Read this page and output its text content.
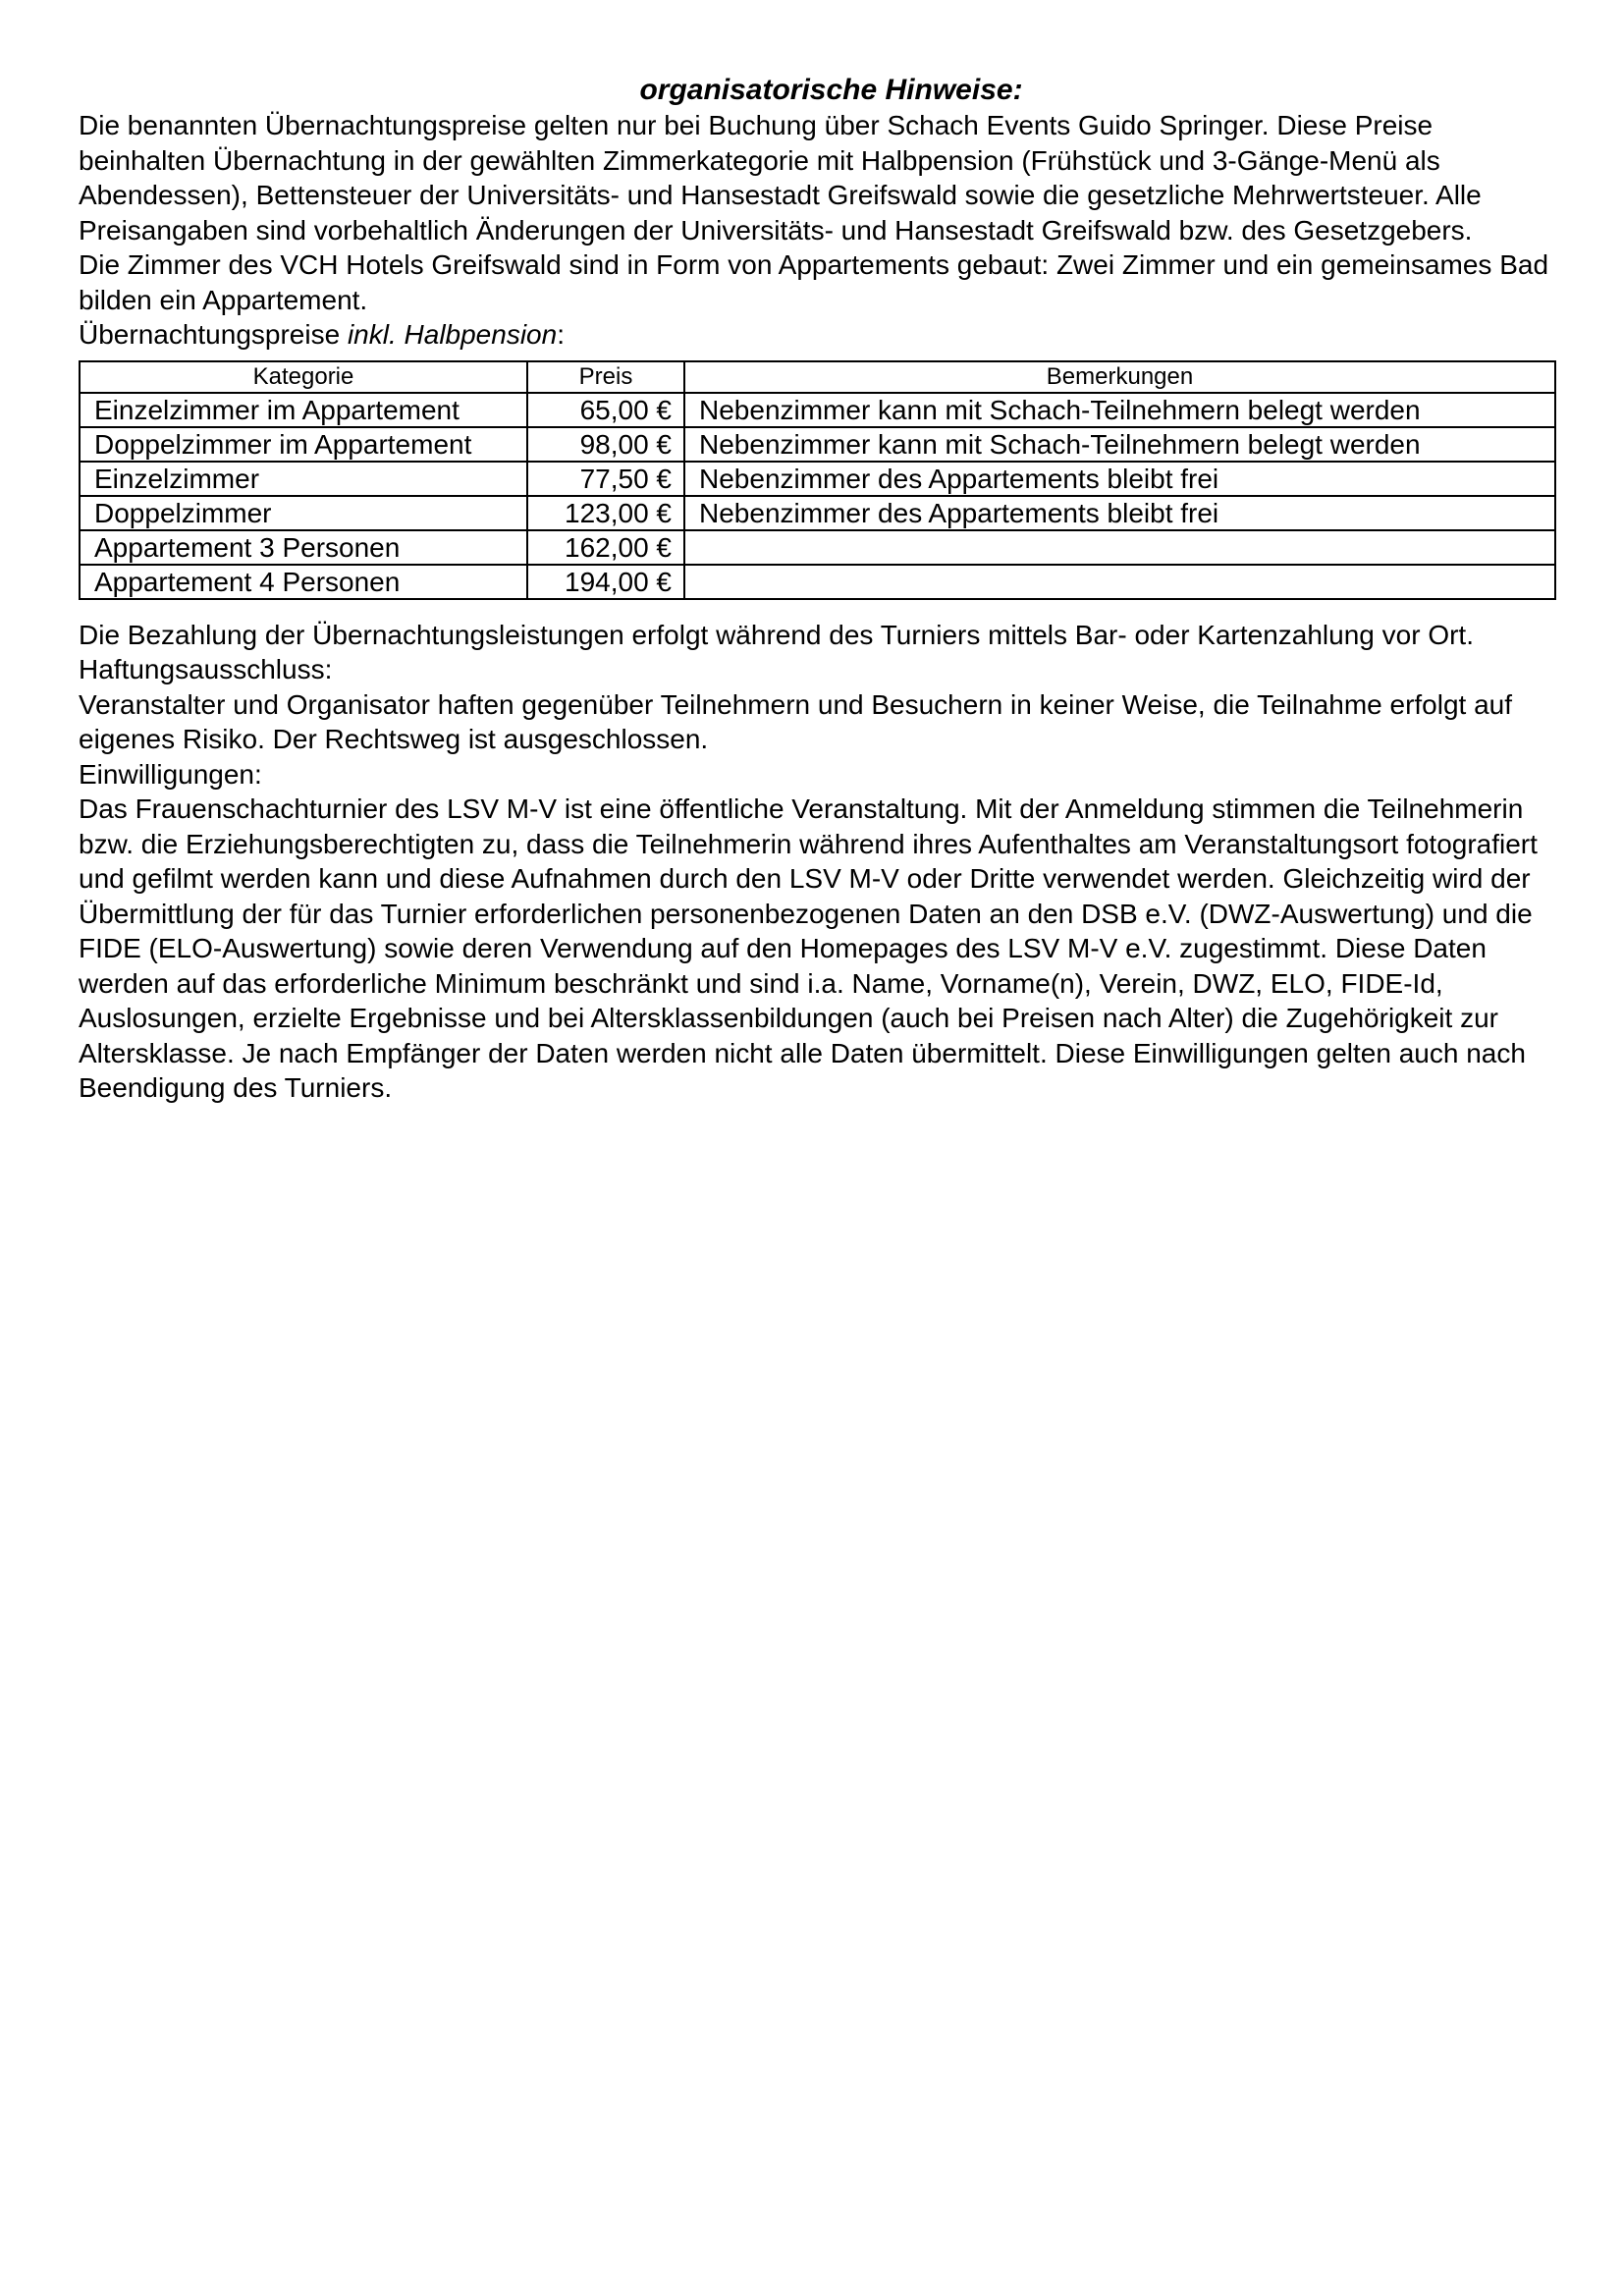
organisatorische Hinweise:

Die benannten Übernachtungspreise gelten nur bei Buchung über Schach Events Guido Springer. Diese Preise beinhalten Übernachtung in der gewählten Zimmerkategorie mit Halbpension (Frühstück und 3-Gänge-Menü als Abendessen), Bettensteuer der Universitäts- und Hansestadt Greifswald sowie die gesetzliche Mehrwertsteuer. Alle Preisangaben sind vorbehaltlich Änderungen der Universitäts- und Hansestadt Greifswald bzw. des Gesetzgebers.

Die Zimmer des VCH Hotels Greifswald sind in Form von Appartements gebaut: Zwei Zimmer und ein gemeinsames Bad bilden ein Appartement.

Übernachtungspreise inkl. Halbpension:

Kategorie	Preis	Bemerkungen
Einzelzimmer im Appartement	65,00 €	Nebenzimmer kann mit Schach-Teilnehmern belegt werden
Doppelzimmer im Appartement	98,00 €	Nebenzimmer kann mit Schach-Teilnehmern belegt werden
Einzelzimmer	77,50 €	Nebenzimmer des Appartements bleibt frei
Doppelzimmer	123,00 €	Nebenzimmer des Appartements bleibt frei
Appartement 3 Personen	162,00 €	
Appartement 4 Personen	194,00 €	

Die Bezahlung der Übernachtungsleistungen erfolgt während des Turniers mittels Bar- oder Kartenzahlung vor Ort.

Haftungsausschluss:

Veranstalter und Organisator haften gegenüber Teilnehmern und Besuchern in keiner Weise, die Teilnahme erfolgt auf eigenes Risiko. Der Rechtsweg ist ausgeschlossen.

Einwilligungen:

Das Frauenschachturnier des LSV M-V ist eine öffentliche Veranstaltung. Mit der Anmeldung stimmen die Teilnehmerin bzw. die Erziehungsberechtigten zu, dass die Teilnehmerin während ihres Aufenthaltes am Veranstaltungsort fotografiert und gefilmt werden kann und diese Aufnahmen durch den LSV M-V oder Dritte verwendet werden. Gleichzeitig wird der Übermittlung der für das Turnier erforderlichen personenbezogenen Daten an den DSB e.V. (DWZ-Auswertung) und die FIDE (ELO-Auswertung) sowie deren Verwendung auf den Homepages des LSV M-V e.V. zugestimmt. Diese Daten werden auf das erforderliche Minimum beschränkt und sind i.a. Name, Vorname(n), Verein, DWZ, ELO, FIDE-Id, Auslosungen, erzielte Ergebnisse und bei Altersklassenbildungen (auch bei Preisen nach Alter) die Zugehörigkeit zur Altersklasse. Je nach Empfänger der Daten werden nicht alle Daten übermittelt. Diese Einwilligungen gelten auch nach Beendigung des Turniers.
